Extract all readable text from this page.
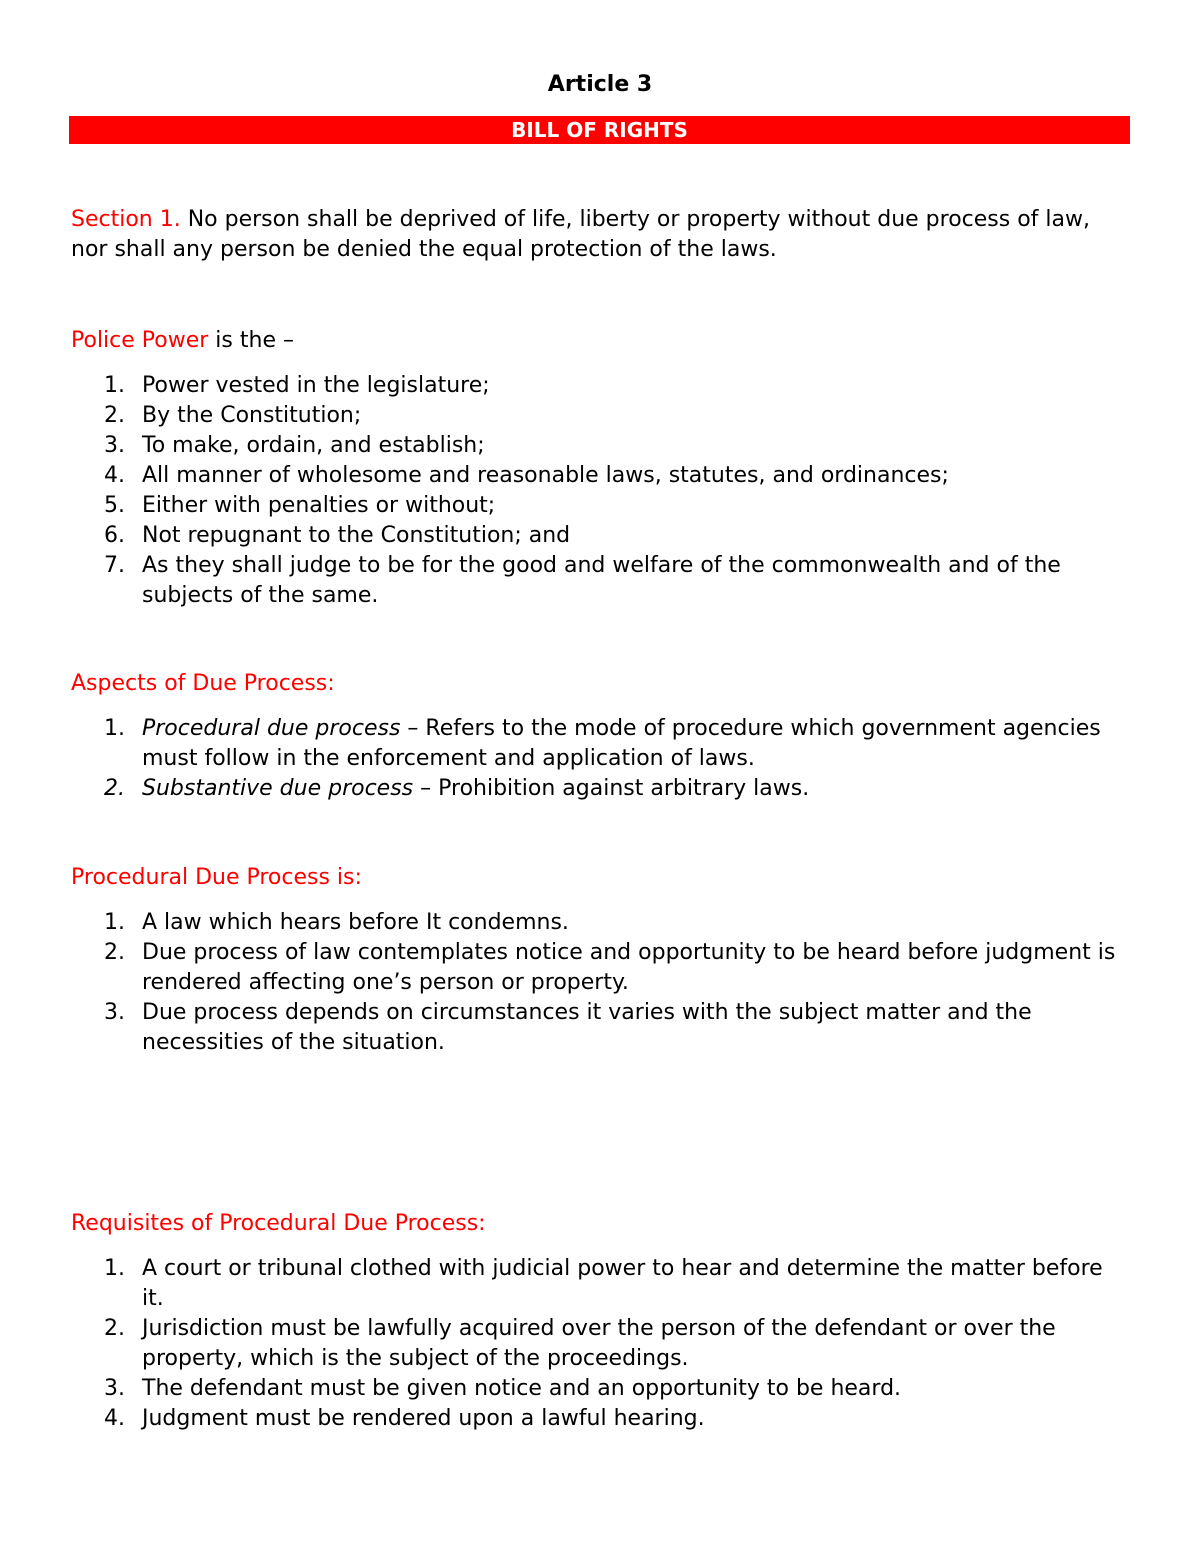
Article 3
BILL OF RIGHTS
Section 1. No person shall be deprived of life, liberty or property without due process of law, nor shall any person be denied the equal protection of the laws.
Police Power is the –
1. Power vested in the legislature;
2. By the Constitution;
3. To make, ordain, and establish;
4. All manner of wholesome and reasonable laws, statutes, and ordinances;
5. Either with penalties or without;
6. Not repugnant to the Constitution; and
7. As they shall judge to be for the good and welfare of the commonwealth and of the subjects of the same.
Aspects of Due Process:
1. Procedural due process – Refers to the mode of procedure which government agencies must follow in the enforcement and application of laws.
2. Substantive due process – Prohibition against arbitrary laws.
Procedural Due Process is:
1. A law which hears before It condemns.
2. Due process of law contemplates notice and opportunity to be heard before judgment is rendered affecting one’s person or property.
3. Due process depends on circumstances it varies with the subject matter and the necessities of the situation.
Requisites of Procedural Due Process:
1. A court or tribunal clothed with judicial power to hear and determine the matter before it.
2. Jurisdiction must be lawfully acquired over the person of the defendant or over the property, which is the subject of the proceedings.
3. The defendant must be given notice and an opportunity to be heard.
4. Judgment must be rendered upon a lawful hearing.
